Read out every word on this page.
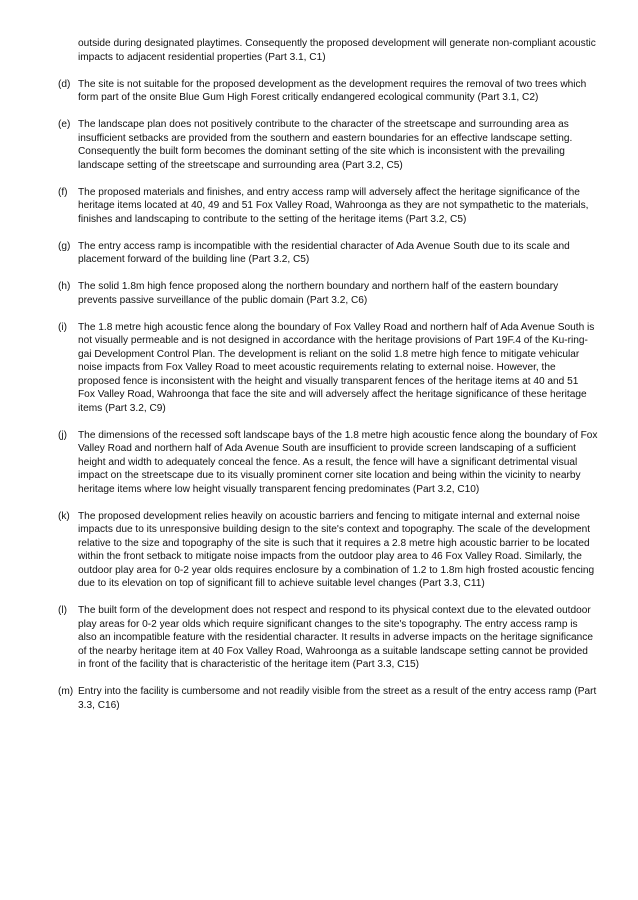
outside during designated playtimes. Consequently the proposed development will generate non-compliant acoustic impacts to adjacent residential properties (Part 3.1, C1)

(d) The site is not suitable for the proposed development as the development requires the removal of two trees which form part of the onsite Blue Gum High Forest critically endangered ecological community (Part 3.1, C2)
(e) The landscape plan does not positively contribute to the character of the streetscape and surrounding area as insufficient setbacks are provided from the southern and eastern boundaries for an effective landscape setting. Consequently the built form becomes the dominant setting of the site which is inconsistent with the prevailing landscape setting of the streetscape and surrounding area (Part 3.2, C5)
(f) The proposed materials and finishes, and entry access ramp will adversely affect the heritage significance of the heritage items located at 40, 49 and 51 Fox Valley Road, Wahroonga as they are not sympathetic to the materials, finishes and landscaping to contribute to the setting of the heritage items (Part 3.2, C5)
(g) The entry access ramp is incompatible with the residential character of Ada Avenue South due to its scale and placement forward of the building line (Part 3.2, C5)
(h) The solid 1.8m high fence proposed along the northern boundary and northern half of the eastern boundary prevents passive surveillance of the public domain (Part 3.2, C6)
(i) The 1.8 metre high acoustic fence along the boundary of Fox Valley Road and northern half of Ada Avenue South is not visually permeable and is not designed in accordance with the heritage provisions of Part 19F.4 of the Ku-ring-gai Development Control Plan. The development is reliant on the solid 1.8 metre high fence to mitigate vehicular noise impacts from Fox Valley Road to meet acoustic requirements relating to external noise. However, the proposed fence is inconsistent with the height and visually transparent fences of the heritage items at 40 and 51 Fox Valley Road, Wahroonga that face the site and will adversely affect the heritage significance of these heritage items (Part 3.2, C9)
(j) The dimensions of the recessed soft landscape bays of the 1.8 metre high acoustic fence along the boundary of Fox Valley Road and northern half of Ada Avenue South are insufficient to provide screen landscaping of a sufficient height and width to adequately conceal the fence. As a result, the fence will have a significant detrimental visual impact on the streetscape due to its visually prominent corner site location and being within the vicinity to nearby heritage items where low height visually transparent fencing predominates (Part 3.2, C10)
(k) The proposed development relies heavily on acoustic barriers and fencing to mitigate internal and external noise impacts due to its unresponsive building design to the site's context and topography. The scale of the development relative to the size and topography of the site is such that it requires a 2.8 metre high acoustic barrier to be located within the front setback to mitigate noise impacts from the outdoor play area to 46 Fox Valley Road. Similarly, the outdoor play area for 0-2 year olds requires enclosure by a combination of 1.2 to 1.8m high frosted acoustic fencing due to its elevation on top of significant fill to achieve suitable level changes (Part 3.3, C11)
(l) The built form of the development does not respect and respond to its physical context due to the elevated outdoor play areas for 0-2 year olds which require significant changes to the site's topography. The entry access ramp is also an incompatible feature with the residential character. It results in adverse impacts on the heritage significance of the nearby heritage item at 40 Fox Valley Road, Wahroonga as a suitable landscape setting cannot be provided in front of the facility that is characteristic of the heritage item (Part 3.3, C15)
(m) Entry into the facility is cumbersome and not readily visible from the street as a result of the entry access ramp (Part 3.3, C16)
